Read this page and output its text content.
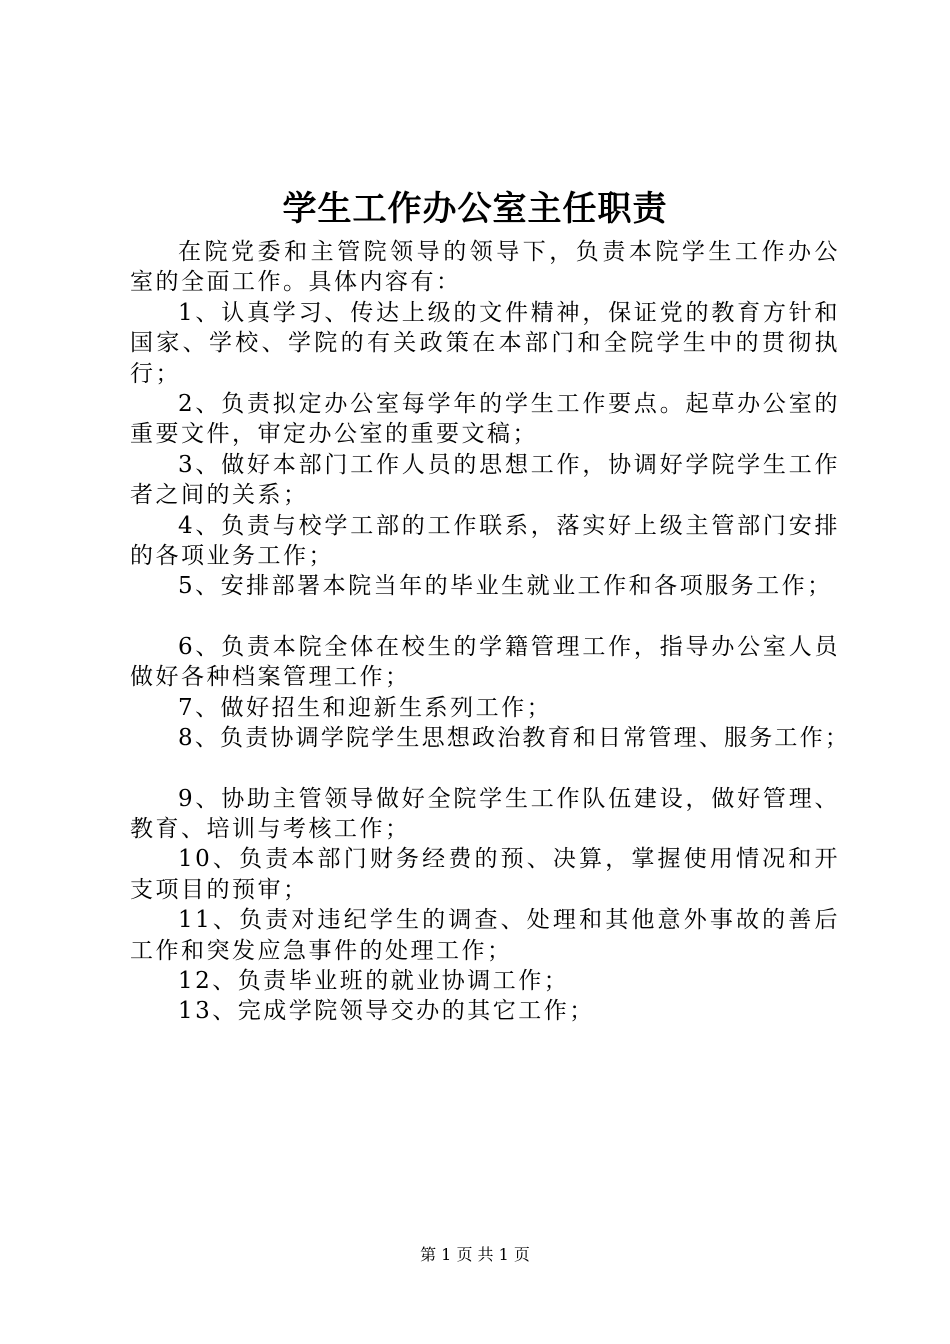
学生工作办公室主任职责

在院党委和主管院领导的领导下，负责本院学生工作办公室的全面工作。具体内容有：

1、认真学习、传达上级的文件精神，保证党的教育方针和国家、学校、学院的有关政策在本部门和全院学生中的贯彻执行；

2、负责拟定办公室每学年的学生工作要点。起草办公室的重要文件，审定办公室的重要文稿；

3、做好本部门工作人员的思想工作，协调好学院学生工作者之间的关系；

4、负责与校学工部的工作联系，落实好上级主管部门安排的各项业务工作；

5、安排部署本院当年的毕业生就业工作和各项服务工作；

6、负责本院全体在校生的学籍管理工作，指导办公室人员做好各种档案管理工作；

7、做好招生和迎新生系列工作；

8、负责协调学院学生思想政治教育和日常管理、服务工作；

9、协助主管领导做好全院学生工作队伍建设，做好管理、教育、培训与考核工作；

10、负责本部门财务经费的预、决算，掌握使用情况和开支项目的预审；

11、负责对违纪学生的调查、处理和其他意外事故的善后工作和突发应急事件的处理工作；

12、负责毕业班的就业协调工作；

13、完成学院领导交办的其它工作；

第 1 页 共 1 页
